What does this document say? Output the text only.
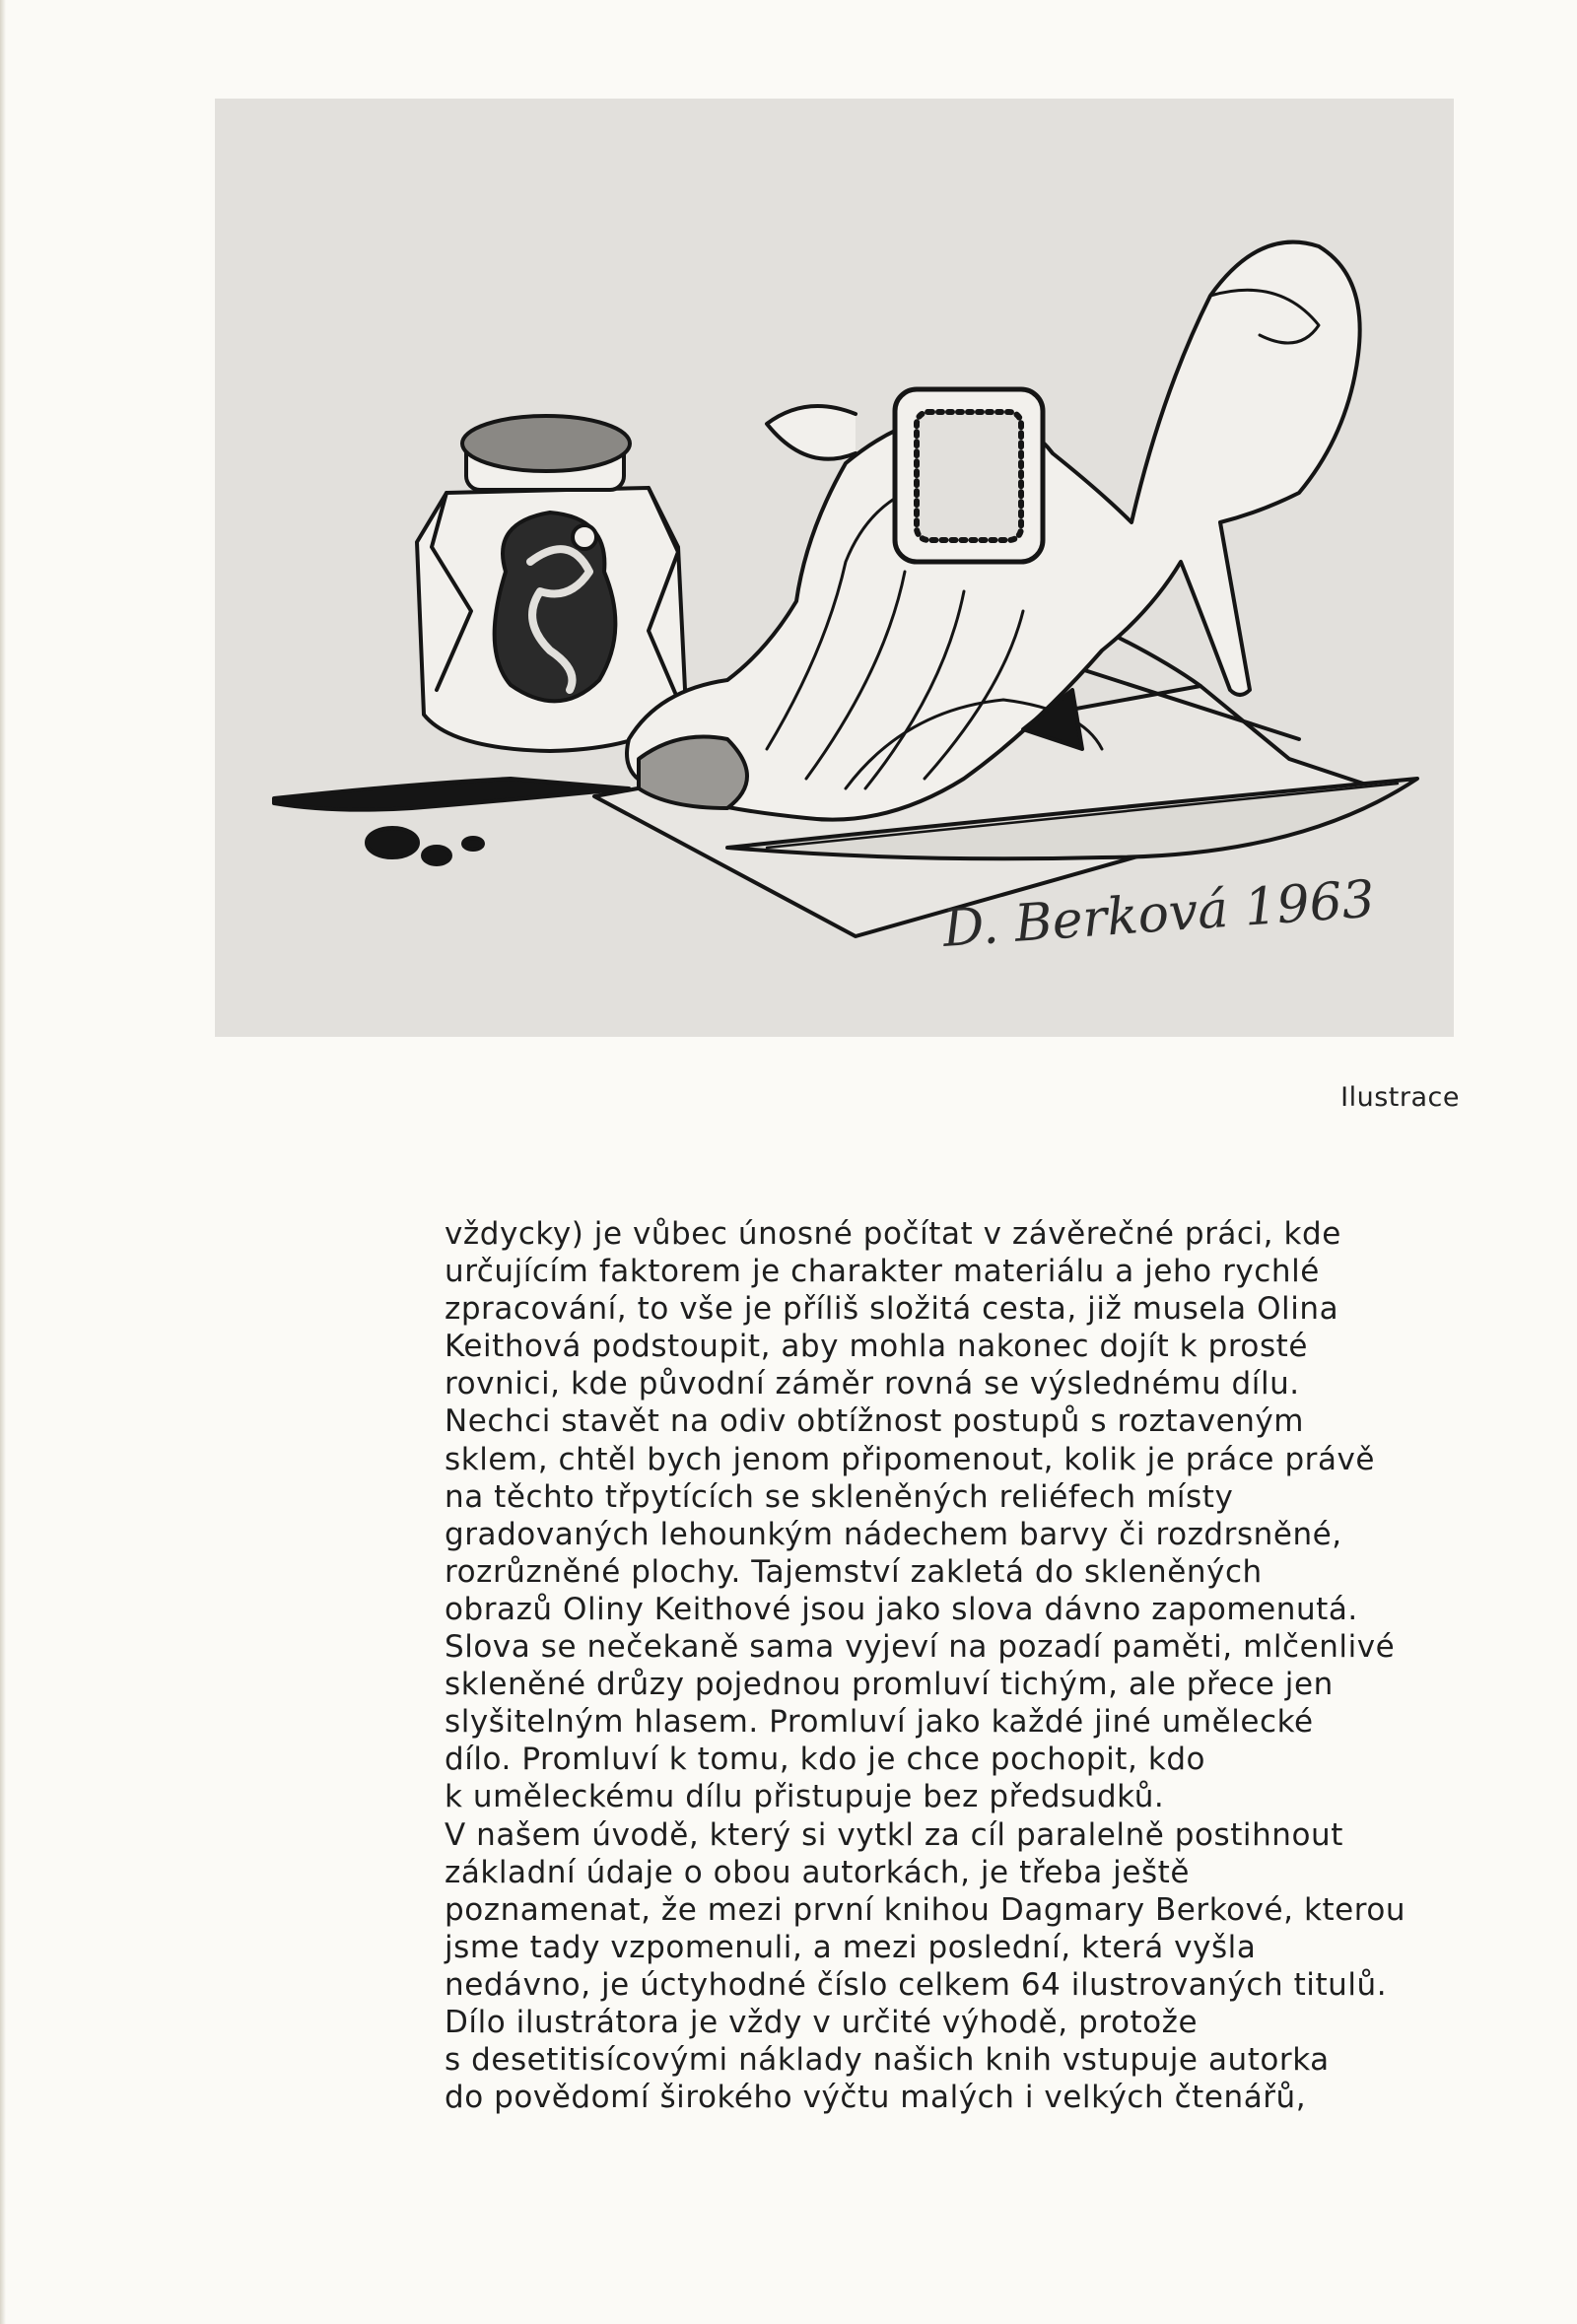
D. Berková 1963
Ilustrace
vždycky) je vůbec únosné počítat v závěrečné práci, kde
určujícím faktorem je charakter materiálu a jeho rychlé
zpracování, to vše je příliš složitá cesta, již musela Olina
Keithová podstoupit, aby mohla nakonec dojít k prosté
rovnici, kde původní záměr rovná se výslednému dílu.
Nechci stavět na odiv obtížnost postupů s roztaveným
sklem, chtěl bych jenom připomenout, kolik je práce právě
na těchto třpytících se skleněných reliéfech místy
gradovaných lehounkým nádechem barvy či rozdrsněné,
rozrůzněné plochy. Tajemství zakletá do skleněných
obrazů Oliny Keithové jsou jako slova dávno zapomenutá.
Slova se nečekaně sama vyjeví na pozadí paměti, mlčenlivé
skleněné drůzy pojednou promluví tichým, ale přece jen
slyšitelným hlasem. Promluví jako každé jiné umělecké
dílo. Promluví k tomu, kdo je chce pochopit, kdo
k uměleckému dílu přistupuje bez předsudků.
V našem úvodě, který si vytkl za cíl paralelně postihnout
základní údaje o obou autorkách, je třeba ještě
poznamenat, že mezi první knihou Dagmary Berkové, kterou
jsme tady vzpomenuli, a mezi poslední, která vyšla
nedávno, je úctyhodné číslo celkem 64 ilustrovaných titulů.
Dílo ilustrátora je vždy v určité výhodě, protože
s desetitisícovými náklady našich knih vstupuje autorka
do povědomí širokého výčtu malých i velkých čtenářů,
